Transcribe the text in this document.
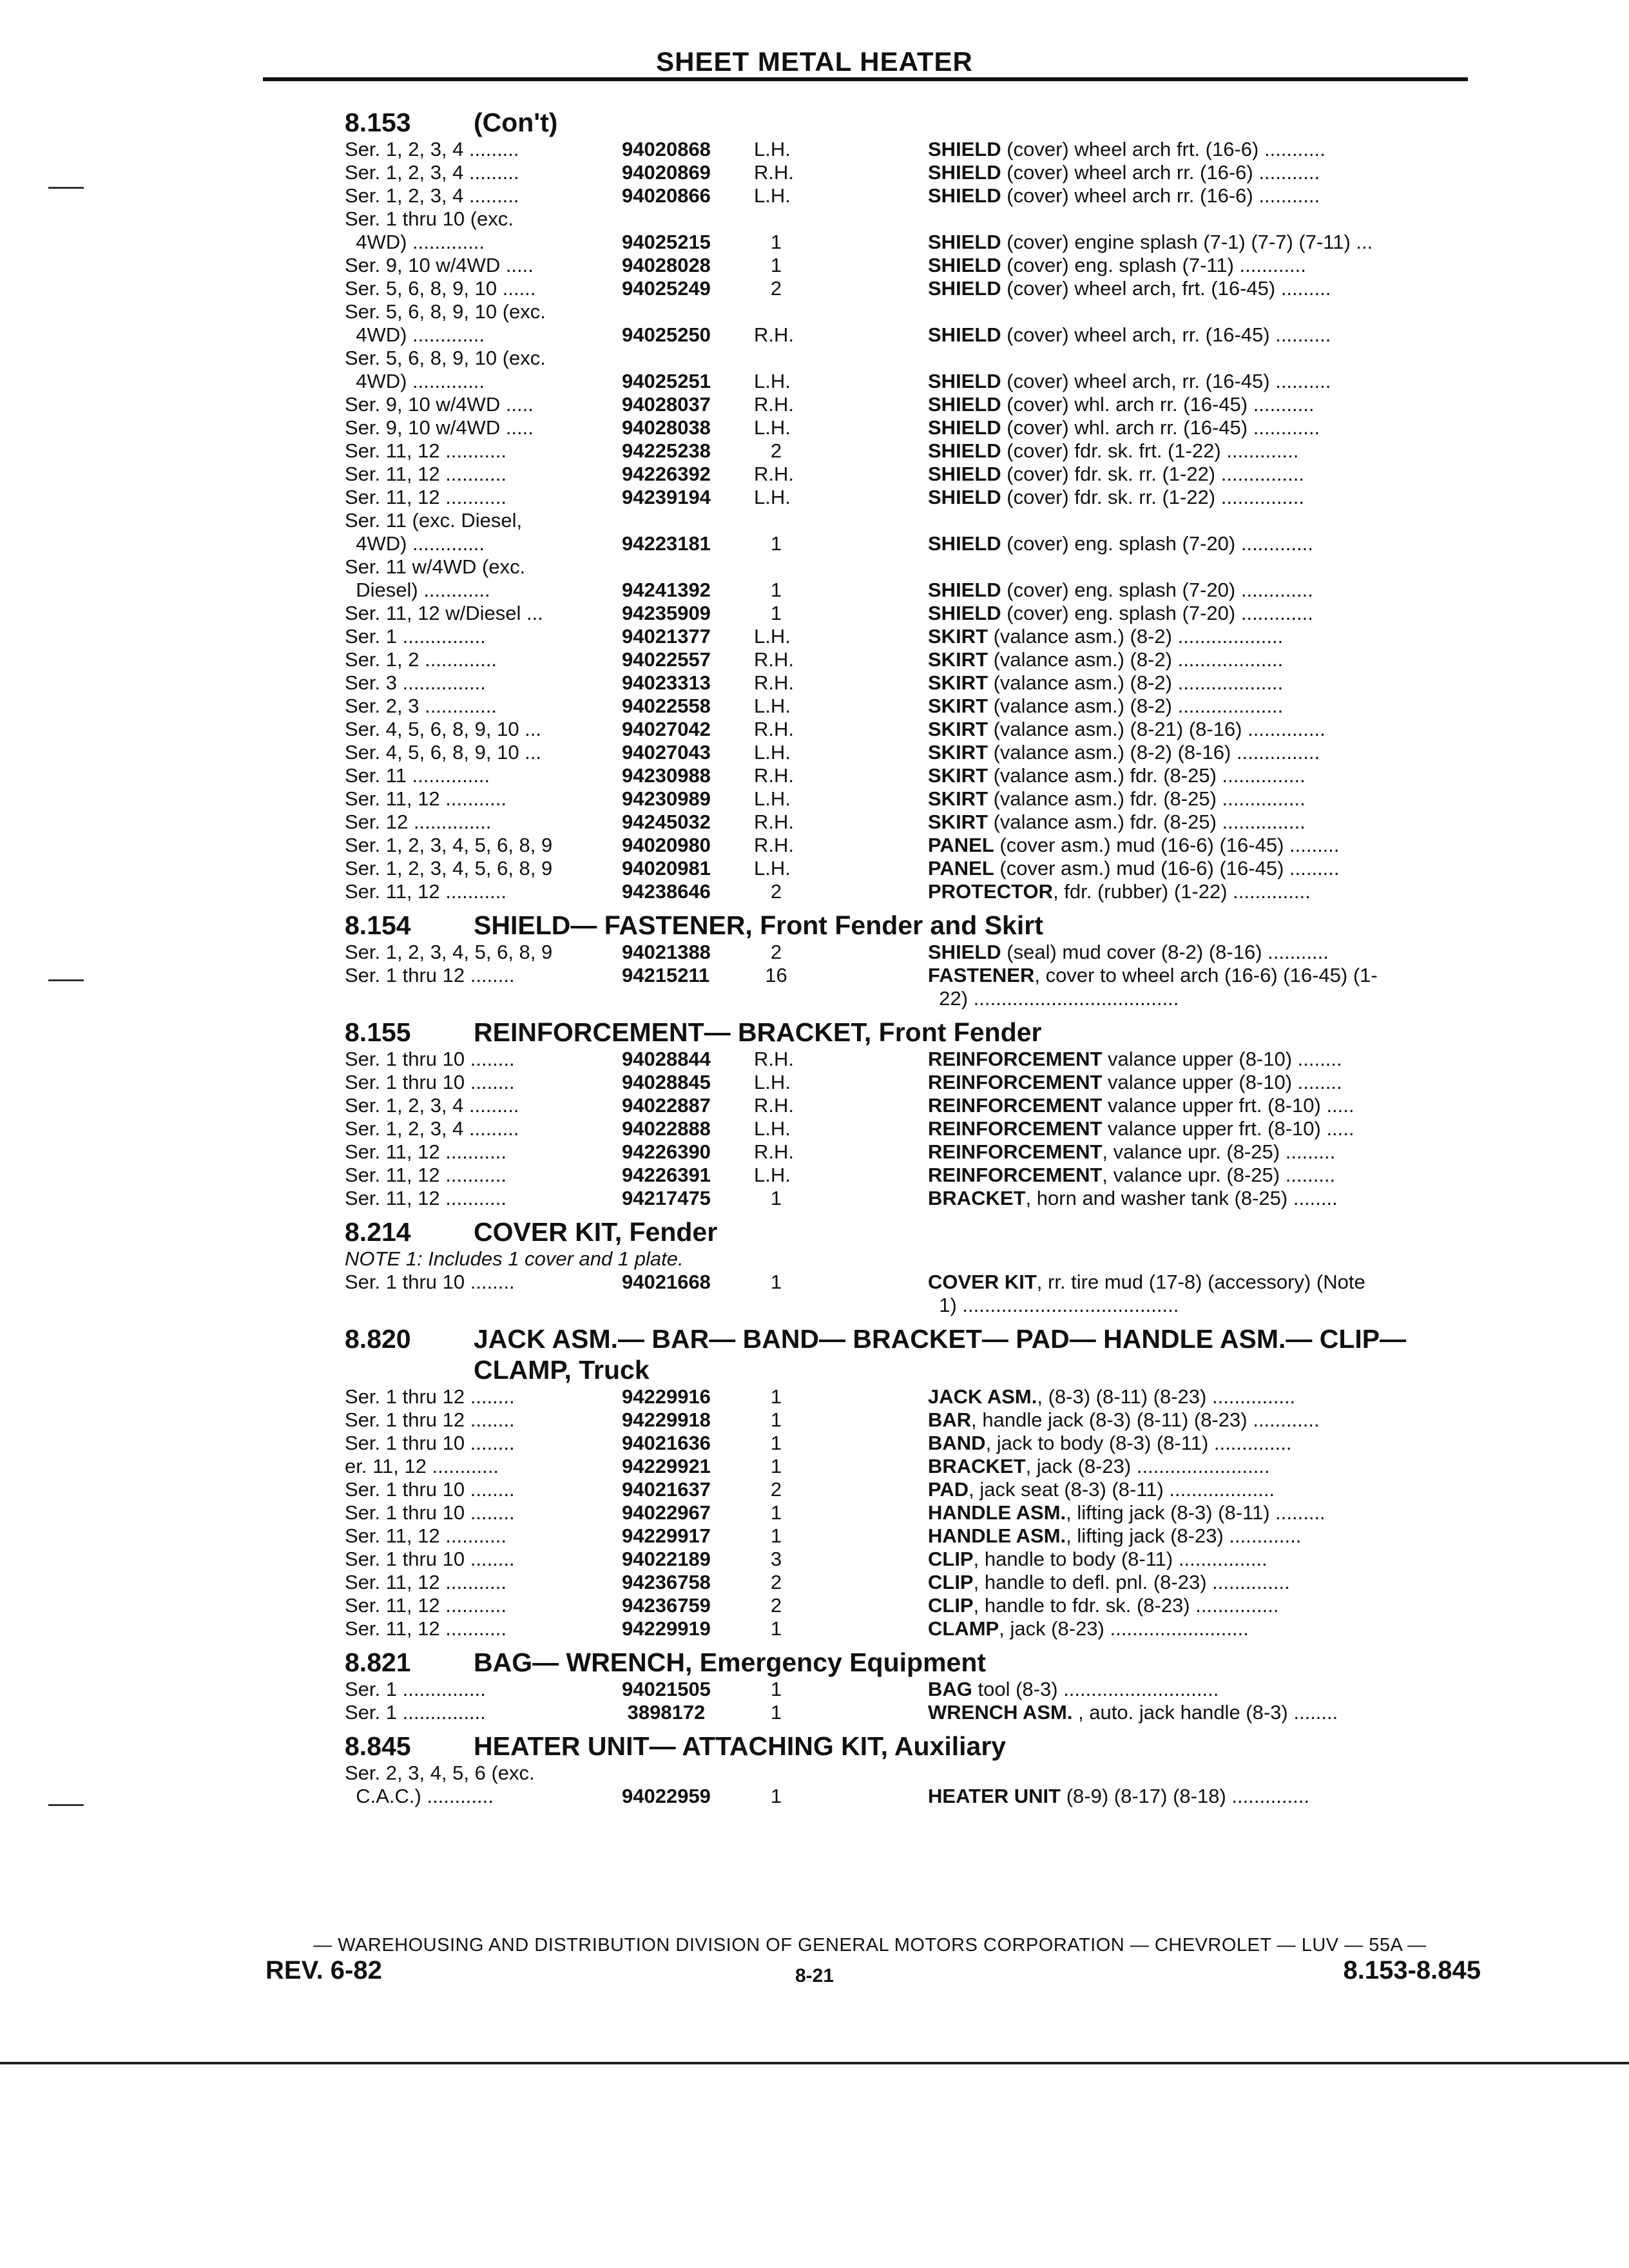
SHEET METAL HEATER
8.153	(Con't)
Ser. 1, 2, 3, 4 .........	94020868	L.H.	SHIELD (cover) wheel arch frt. (16-6) ...........
Ser. 1, 2, 3, 4 .........	94020869	R.H.	SHIELD (cover) wheel arch rr. (16-6) ...........
Ser. 1, 2, 3, 4 .........	94020866	L.H.	SHIELD (cover) wheel arch rr. (16-6) ...........
Ser. 1 thru 10 (exc.
4WD) .............	94025215	1	SHIELD (cover) engine splash (7-1) (7-7) (7-11) ...
Ser. 9, 10 w/4WD .....	94028028	1	SHIELD (cover) eng. splash (7-11) ............
Ser. 5, 6, 8, 9, 10 ......	94025249	2	SHIELD (cover) wheel arch, frt. (16-45) .........
Ser. 5, 6, 8, 9, 10 (exc.
4WD) .............	94025250	R.H.	SHIELD (cover) wheel arch, rr. (16-45) ..........
Ser. 5, 6, 8, 9, 10 (exc.
4WD) .............	94025251	L.H.	SHIELD (cover) wheel arch, rr. (16-45) ..........
Ser. 9, 10 w/4WD .....	94028037	R.H.	SHIELD (cover) whl. arch rr. (16-45) ...........
Ser. 9, 10 w/4WD .....	94028038	L.H.	SHIELD (cover) whl. arch rr. (16-45) ............
Ser. 11, 12 ...........	94225238	2	SHIELD (cover) fdr. sk. frt. (1-22) .............
Ser. 11, 12 ...........	94226392	R.H.	SHIELD (cover) fdr. sk. rr. (1-22) ...............
Ser. 11, 12 ...........	94239194	L.H.	SHIELD (cover) fdr. sk. rr. (1-22) ...............
Ser. 11 (exc. Diesel,
4WD) .............	94223181	1	SHIELD (cover) eng. splash (7-20) .............
Ser. 11 w/4WD (exc.
Diesel) ............	94241392	1	SHIELD (cover) eng. splash (7-20) .............
Ser. 11, 12 w/Diesel ...	94235909	1	SHIELD (cover) eng. splash (7-20) .............
Ser. 1 ...............	94021377	L.H.	SKIRT (valance asm.) (8-2) ...................
Ser. 1, 2 .............	94022557	R.H.	SKIRT (valance asm.) (8-2) ...................
Ser. 3 ...............	94023313	R.H.	SKIRT (valance asm.) (8-2) ...................
Ser. 2, 3 .............	94022558	L.H.	SKIRT (valance asm.) (8-2) ...................
Ser. 4, 5, 6, 8, 9, 10 ...	94027042	R.H.	SKIRT (valance asm.) (8-21) (8-16) ..............
Ser. 4, 5, 6, 8, 9, 10 ...	94027043	L.H.	SKIRT (valance asm.) (8-2) (8-16) ...............
Ser. 11 ..............	94230988	R.H.	SKIRT (valance asm.) fdr. (8-25) ...............
Ser. 11, 12 ...........	94230989	L.H.	SKIRT (valance asm.) fdr. (8-25) ...............
Ser. 12 ..............	94245032	R.H.	SKIRT (valance asm.) fdr. (8-25) ...............
Ser. 1, 2, 3, 4, 5, 6, 8, 9	94020980	R.H.	PANEL (cover asm.) mud (16-6) (16-45) .........
Ser. 1, 2, 3, 4, 5, 6, 8, 9	94020981	L.H.	PANEL (cover asm.) mud (16-6) (16-45) .........
Ser. 11, 12 ...........	94238646	2	PROTECTOR, fdr. (rubber) (1-22) ..............
8.154	SHIELD— FASTENER, Front Fender and Skirt
Ser. 1, 2, 3, 4, 5, 6, 8, 9	94021388	2	SHIELD (seal) mud cover (8-2) (8-16) ...........
Ser. 1 thru 12 ........	94215211	16	FASTENER, cover to wheel arch (16-6) (16-45) (1-
22) .....................................
8.155	REINFORCEMENT— BRACKET, Front Fender
Ser. 1 thru 10 ........	94028844	R.H.	REINFORCEMENT valance upper (8-10) ........
Ser. 1 thru 10 ........	94028845	L.H.	REINFORCEMENT valance upper (8-10) ........
Ser. 1, 2, 3, 4 .........	94022887	R.H.	REINFORCEMENT valance upper frt. (8-10) .....
Ser. 1, 2, 3, 4 .........	94022888	L.H.	REINFORCEMENT valance upper frt. (8-10) .....
Ser. 11, 12 ...........	94226390	R.H.	REINFORCEMENT, valance upr. (8-25) .........
Ser. 11, 12 ...........	94226391	L.H.	REINFORCEMENT, valance upr. (8-25) .........
Ser. 11, 12 ...........	94217475	1	BRACKET, horn and washer tank (8-25) ........
8.214	COVER KIT, Fender
NOTE 1: Includes 1 cover and 1 plate.
Ser. 1 thru 10 ........	94021668	1	COVER KIT, rr. tire mud (17-8) (accessory) (Note
1) .......................................
8.820	JACK ASM.— BAR— BAND— BRACKET— PAD— HANDLE ASM.— CLIP— CLAMP, Truck
Ser. 1 thru 12 ........	94229916	1	JACK ASM., (8-3) (8-11) (8-23) ...............
Ser. 1 thru 12 ........	94229918	1	BAR, handle jack (8-3) (8-11) (8-23) ............
Ser. 1 thru 10 ........	94021636	1	BAND, jack to body (8-3) (8-11) ..............
er. 11, 12 ............	94229921	1	BRACKET, jack (8-23) ........................
Ser. 1 thru 10 ........	94021637	2	PAD, jack seat (8-3) (8-11) ...................
Ser. 1 thru 10 ........	94022967	1	HANDLE ASM., lifting jack (8-3) (8-11) .........
Ser. 11, 12 ...........	94229917	1	HANDLE ASM., lifting jack (8-23) .............
Ser. 1 thru 10 ........	94022189	3	CLIP, handle to body (8-11) ................
Ser. 11, 12 ...........	94236758	2	CLIP, handle to defl. pnl. (8-23) ..............
Ser. 11, 12 ...........	94236759	2	CLIP, handle to fdr. sk. (8-23) ...............
Ser. 11, 12 ...........	94229919	1	CLAMP, jack (8-23) .........................
8.821	BAG— WRENCH, Emergency Equipment
Ser. 1 ...............	94021505	1	BAG tool (8-3) ............................
Ser. 1 ...............	3898172	1	WRENCH ASM. , auto. jack handle (8-3) ........
8.845	HEATER UNIT— ATTACHING KIT, Auxiliary
Ser. 2, 3, 4, 5, 6 (exc.
C.A.C.) ............	94022959	1	HEATER UNIT (8-9) (8-17) (8-18) ..............
— WAREHOUSING AND DISTRIBUTION DIVISION OF GENERAL MOTORS CORPORATION — CHEVROLET — LUV — 55A —
REV. 6-82	8-21	8.153-8.845
